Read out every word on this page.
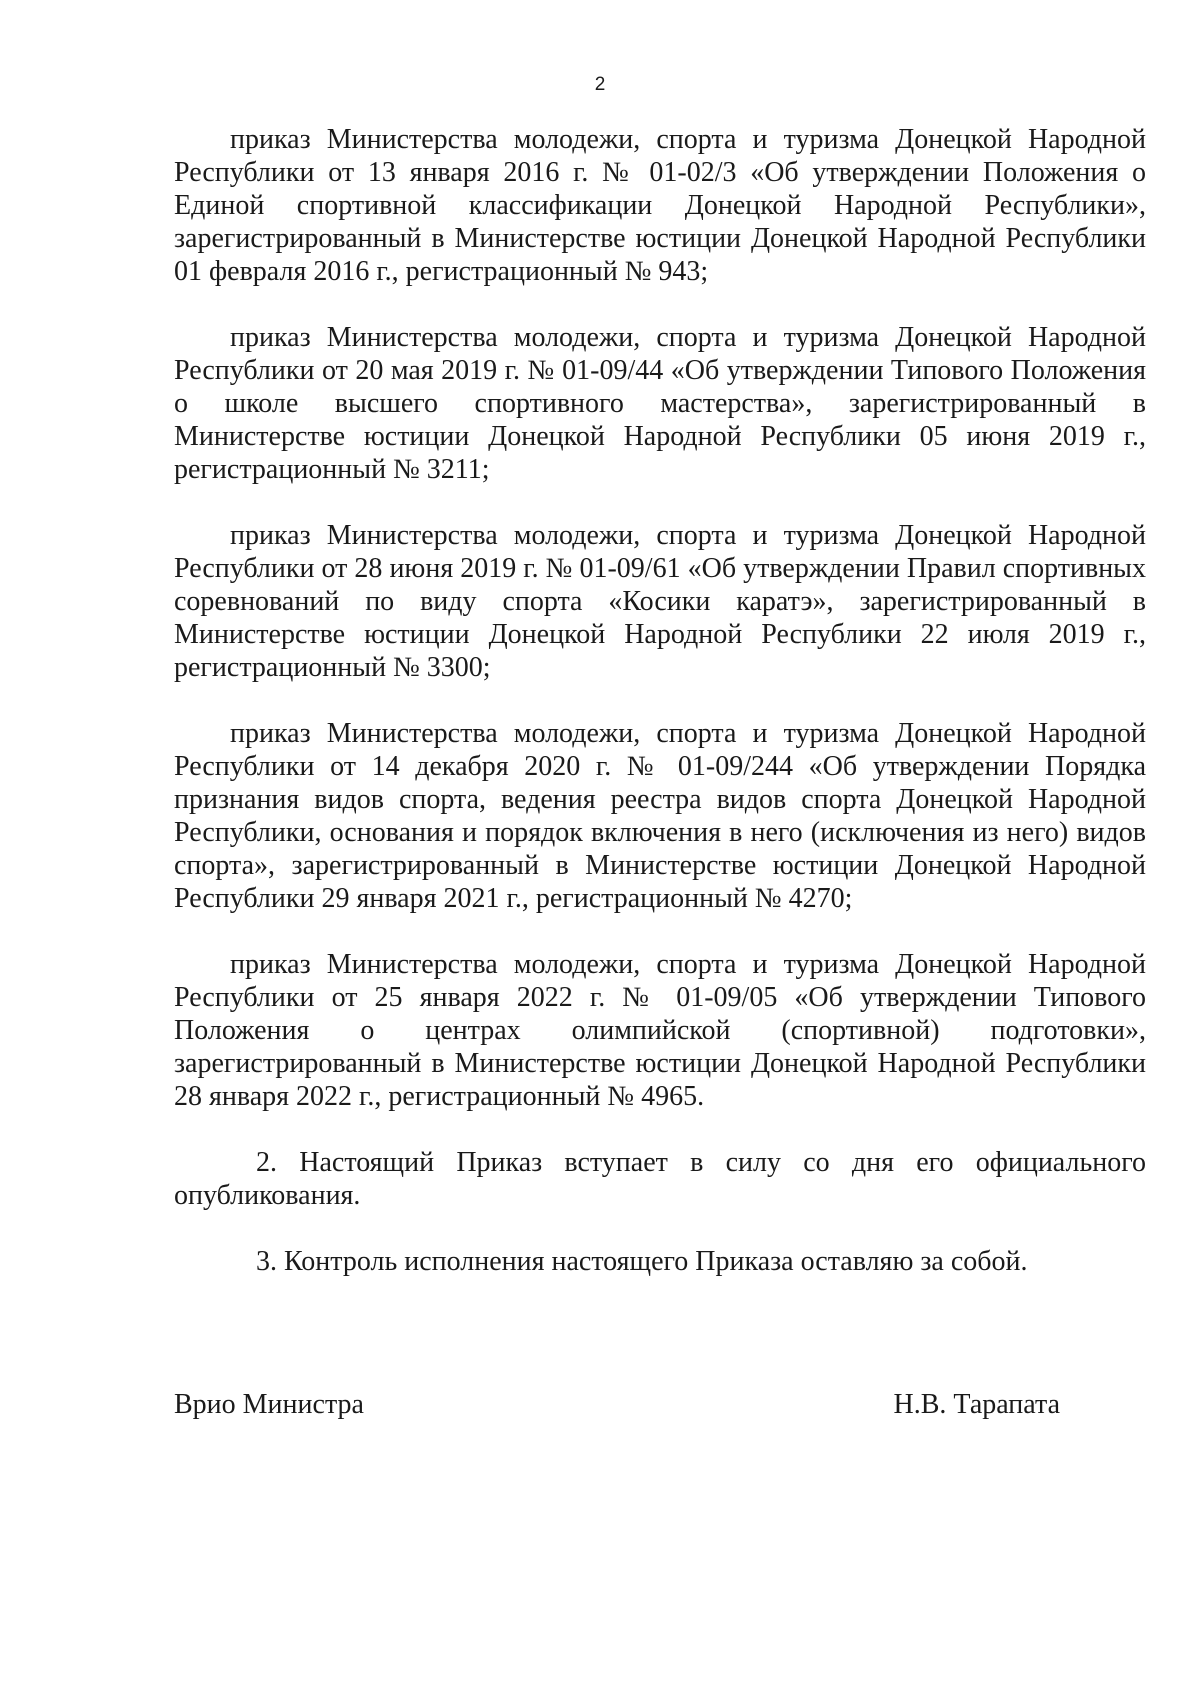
2

приказ Министерства молодежи, спорта и туризма Донецкой Народной Республики от 13 января 2016 г. № 01-02/3 «Об утверждении Положения о Единой спортивной классификации Донецкой Народной Республики», зарегистрированный в Министерстве юстиции Донецкой Народной Республики 01 февраля 2016 г., регистрационный № 943;

приказ Министерства молодежи, спорта и туризма Донецкой Народной Республики от 20 мая 2019 г. № 01-09/44 «Об утверждении Типового Положения о школе высшего спортивного мастерства», зарегистрированный в Министерстве юстиции Донецкой Народной Республики 05 июня 2019 г., регистрационный № 3211;

приказ Министерства молодежи, спорта и туризма Донецкой Народной Республики от 28 июня 2019 г. № 01-09/61 «Об утверждении Правил спортивных соревнований по виду спорта «Косики каратэ», зарегистрированный в Министерстве юстиции Донецкой Народной Республики 22 июля 2019 г., регистрационный № 3300;

приказ Министерства молодежи, спорта и туризма Донецкой Народной Республики от 14 декабря 2020 г. № 01-09/244 «Об утверждении Порядка признания видов спорта, ведения реестра видов спорта Донецкой Народной Республики, основания и порядок включения в него (исключения из него) видов спорта», зарегистрированный в Министерстве юстиции Донецкой Народной Республики 29 января 2021 г., регистрационный № 4270;

приказ Министерства молодежи, спорта и туризма Донецкой Народной Республики от 25 января 2022 г. № 01-09/05 «Об утверждении Типового Положения о центрах олимпийской (спортивной) подготовки», зарегистрированный в Министерстве юстиции Донецкой Народной Республики 28 января 2022 г., регистрационный № 4965.

2. Настоящий Приказ вступает в силу со дня его официального опубликования.

3. Контроль исполнения настоящего Приказа оставляю за собой.

Врио Министра	Н.В. Тарапата
